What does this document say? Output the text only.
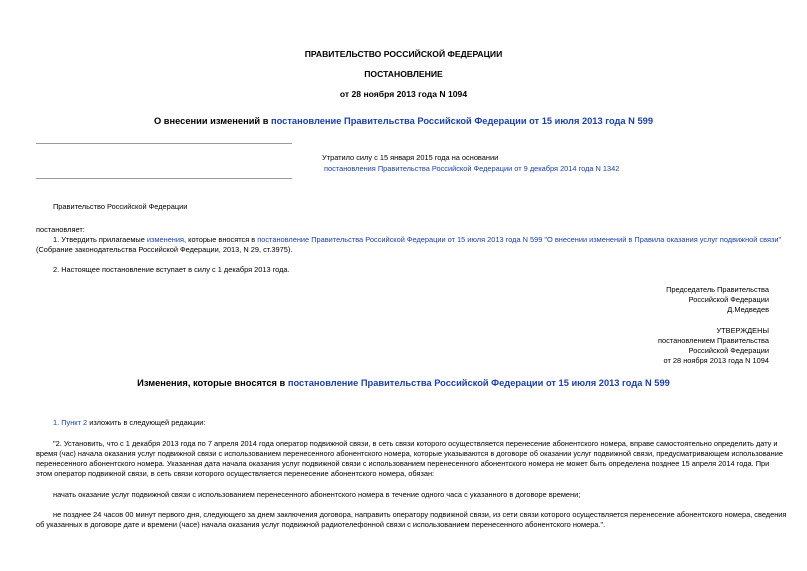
ПРАВИТЕЛЬСТВО РОССИЙСКОЙ ФЕДЕРАЦИИ
ПОСТАНОВЛЕНИЕ
от 28 ноября 2013 года N 1094
О внесении изменений в постановление Правительства Российской Федерации от 15 июля 2013 года N 599
Утратило силу с 15 января 2015 года на основании
постановления Правительства Российской Федерации от 9 декабря 2014 года N 1342
Правительство Российской Федерации
постановляет:
1. Утвердить прилагаемые изменения, которые вносятся в постановление Правительства Российской Федерации от 15 июля 2013 года N 599 "О внесении изменений в Правила оказания услуг подвижной связи"
(Собрание законодательства Российской Федерации, 2013, N 29, ст.3975).
2. Настоящее постановление вступает в силу с 1 декабря 2013 года.
Председатель Правительства
Российской Федерации
Д.Медведев
УТВЕРЖДЕНЫ
постановлением Правительства
Российской Федерации
от 28 ноября 2013 года N 1094
Изменения, которые вносятся в постановление Правительства Российской Федерации от 15 июля 2013 года N 599
1. Пункт 2 изложить в следующей редакции:
"2. Установить, что с 1 декабря 2013 года по 7 апреля 2014 года оператор подвижной связи, в сеть связи которого осуществляется перенесение абонентского номера, вправе самостоятельно определить дату и
время (час) начала оказания услуг подвижной связи с использованием перенесенного абонентского номера, которые указываются в договоре об оказании услуг подвижной связи, предусматривающем использование
перенесенного абонентского номера. Указанная дата начала оказания услуг подвижной связи с использованием перенесенного абонентского номера не может быть определена позднее 15 апреля 2014 года. При
этом оператор подвижной связи, в сеть связи которого осуществляется перенесение абонентского номера, обязан:
начать оказание услуг подвижной связи с использованием перенесенного абонентского номера в течение одного часа с указанного в договоре времени;
не позднее 24 часов 00 минут первого дня, следующего за днем заключения договора, направить оператору подвижной связи, из сети связи которого осуществляется перенесение абонентского номера, сведения
об указанных в договоре дате и времени (часе) начала оказания услуг подвижной радиотелефонной связи с использованием перенесенного абонентского номера.".
